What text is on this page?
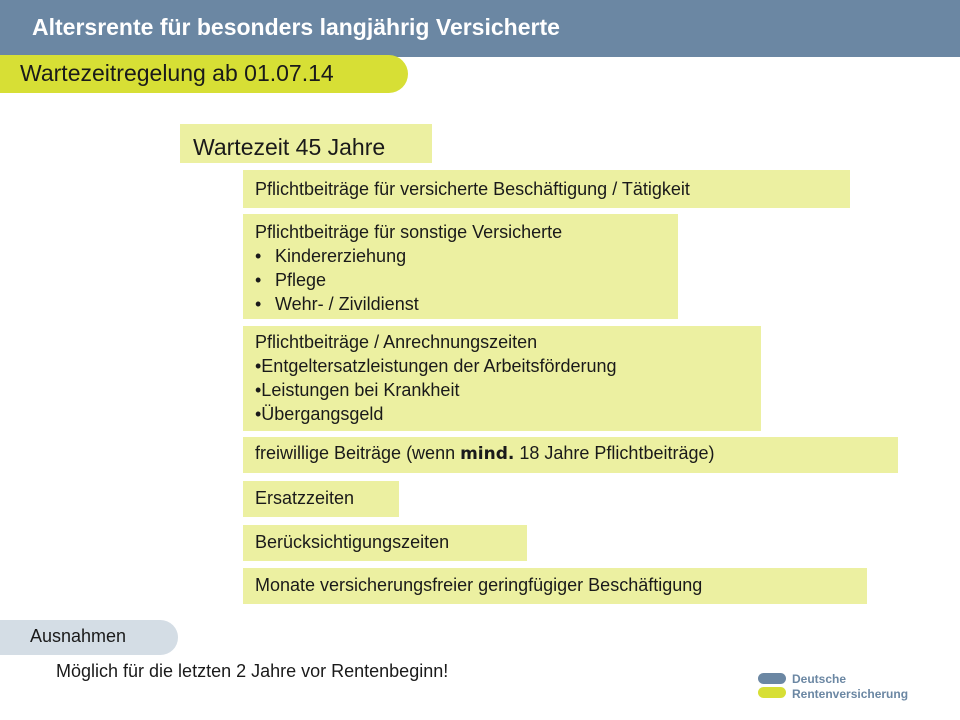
Altersrente für besonders langjährig Versicherte
Wartezeitregelung ab 01.07.14
Wartezeit 45 Jahre
Pflichtbeiträge für versicherte Beschäftigung / Tätigkeit
Pflichtbeiträge für sonstige Versicherte
• Kindererziehung
• Pflege
• Wehr- / Zivildienst
Pflichtbeiträge / Anrechnungszeiten
•Entgeltersatzleistungen der Arbeitsförderung
•Leistungen bei Krankheit
•Übergangsgeld
freiwillige Beiträge (wenn mind. 18 Jahre Pflichtbeiträge)
Ersatzzeiten
Berücksichtigungszeiten
Monate versicherungsfreier geringfügiger Beschäftigung
Ausnahmen
Möglich für die letzten 2 Jahre vor Rentenbeginn!	Deutsche
Rentenversicherung
